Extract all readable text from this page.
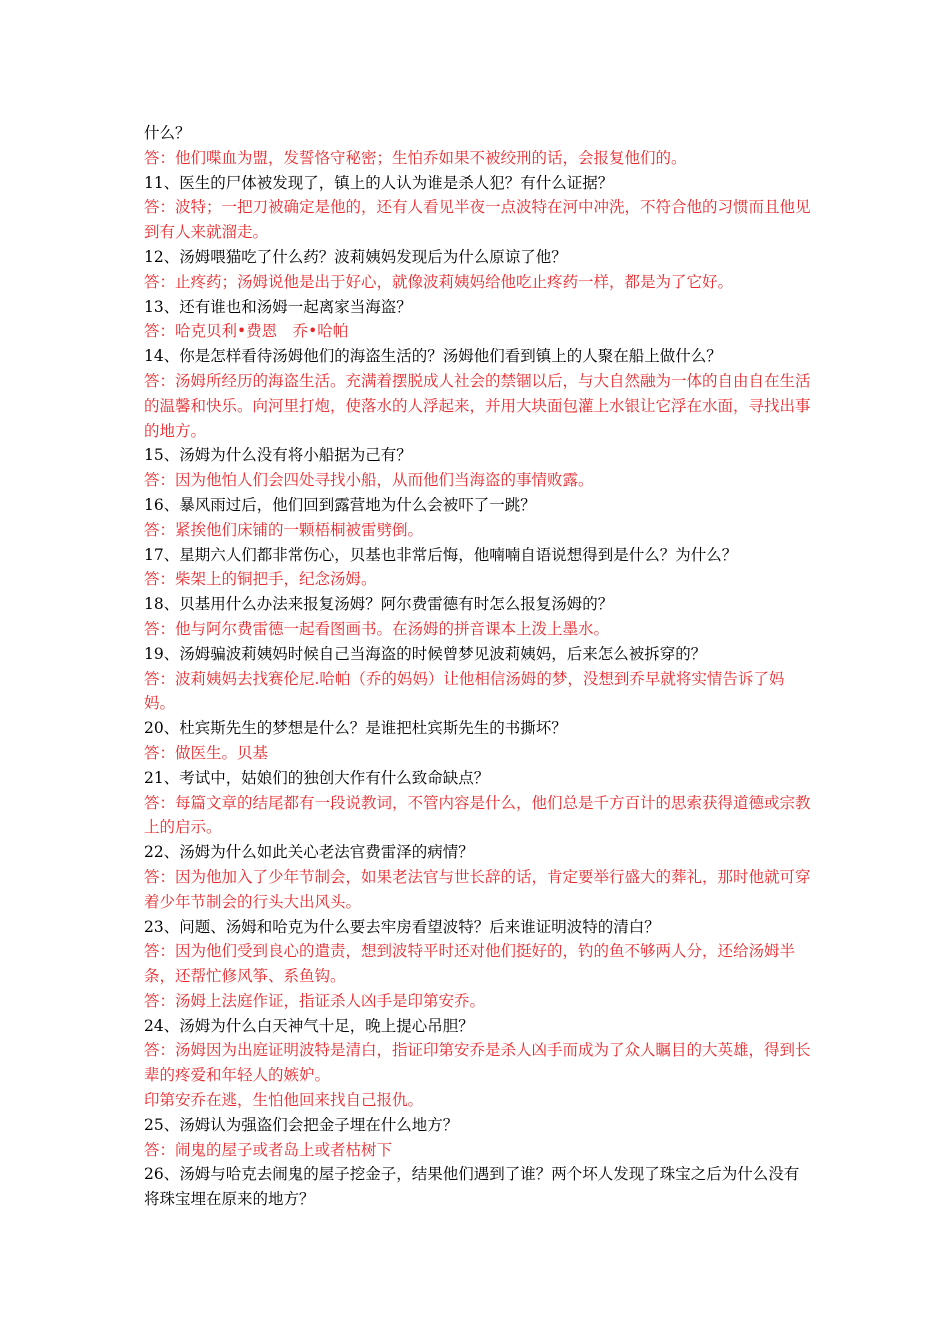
什么？

答：他们喋血为盟，发誓恪守秘密；生怕乔如果不被绞刑的话，会报复他们的。

11、医生的尸体被发现了，镇上的人认为谁是杀人犯？有什么证据？

答：波特；一把刀被确定是他的，还有人看见半夜一点波特在河中冲洗，不符合他的习惯而且他见到有人来就溜走。

12、汤姆喂猫吃了什么药？波莉姨妈发现后为什么原谅了他？

答：止疼药；汤姆说他是出于好心，就像波莉姨妈给他吃止疼药一样，都是为了它好。

13、还有谁也和汤姆一起离家当海盗？

答：哈克贝利•费恩　乔•哈帕

14、你是怎样看待汤姆他们的海盗生活的？汤姆他们看到镇上的人聚在船上做什么？

答：汤姆所经历的海盗生活。充满着摆脱成人社会的禁锢以后，与大自然融为一体的自由自在生活的温馨和快乐。向河里打炮，使落水的人浮起来，并用大块面包灌上水银让它浮在水面，寻找出事的地方。

15、汤姆为什么没有将小船据为己有？

答：因为他怕人们会四处寻找小船，从而他们当海盗的事情败露。

16、暴风雨过后，他们回到露营地为什么会被吓了一跳？

答：紧挨他们床铺的一颗梧桐被雷劈倒。

17、星期六人们都非常伤心，贝基也非常后悔，他喃喃自语说想得到是什么？为什么？

答：柴架上的铜把手，纪念汤姆。

18、贝基用什么办法来报复汤姆？阿尔费雷德有时怎么报复汤姆的？

答：他与阿尔费雷德一起看图画书。在汤姆的拼音课本上泼上墨水。

19、汤姆骗波莉姨妈时候自己当海盗的时候曾梦见波莉姨妈，后来怎么被拆穿的？

答：波莉姨妈去找赛伦尼.哈帕（乔的妈妈）让他相信汤姆的梦，没想到乔早就将实情告诉了妈妈。

20、杜宾斯先生的梦想是什么？是谁把杜宾斯先生的书撕坏？

答：做医生。贝基

21、考试中，姑娘们的独创大作有什么致命缺点？

答：每篇文章的结尾都有一段说教词，不管内容是什么，他们总是千方百计的思索获得道德或宗教上的启示。

22、汤姆为什么如此关心老法官费雷泽的病情？

答：因为他加入了少年节制会，如果老法官与世长辞的话，肯定要举行盛大的葬礼，那时他就可穿着少年节制会的行头大出风头。

23、问题、汤姆和哈克为什么要去牢房看望波特？后来谁证明波特的清白？

答：因为他们受到良心的遣责，想到波特平时还对他们挺好的，钓的鱼不够两人分，还给汤姆半条，还帮忙修风筝、系鱼钩。

答：汤姆上法庭作证，指证杀人凶手是印第安乔。

24、汤姆为什么白天神气十足，晚上提心吊胆？

答：汤姆因为出庭证明波特是清白，指证印第安乔是杀人凶手而成为了众人瞩目的大英雄，得到长辈的疼爱和年轻人的嫉妒。

印第安乔在逃，生怕他回来找自己报仇。

25、汤姆认为强盗们会把金子埋在什么地方？

答：闹鬼的屋子或者岛上或者枯树下

26、汤姆与哈克去闹鬼的屋子挖金子，结果他们遇到了谁？两个坏人发现了珠宝之后为什么没有将珠宝埋在原来的地方？
